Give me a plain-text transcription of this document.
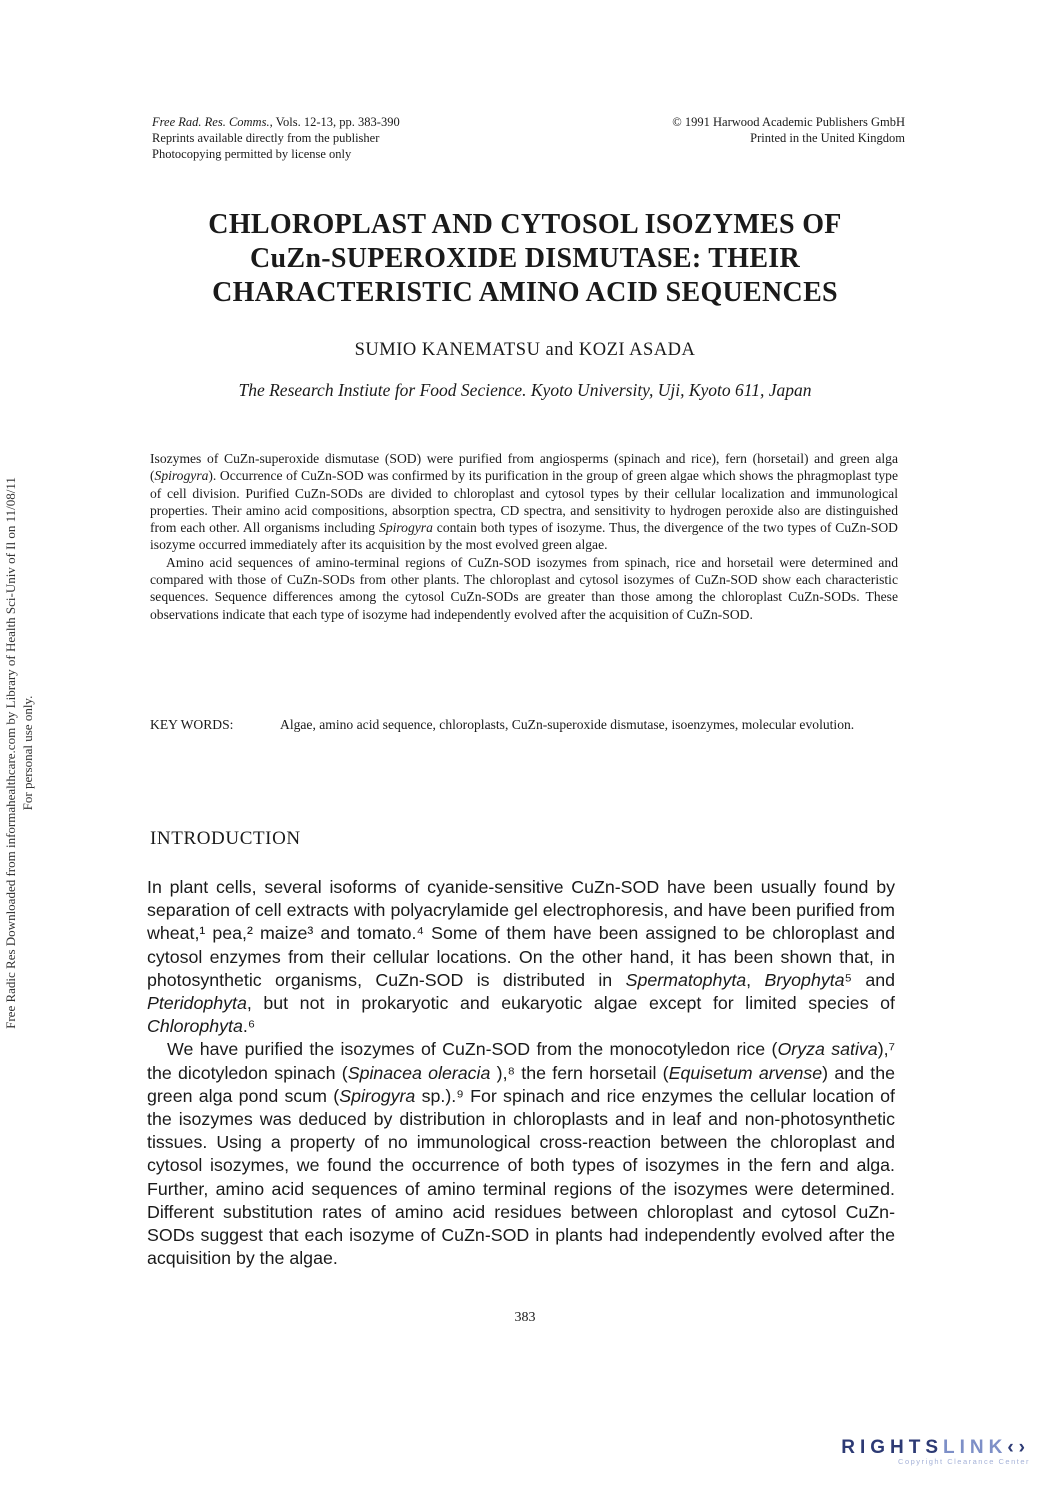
Free Rad. Res. Comms., Vols. 12-13, pp. 383-390
Reprints available directly from the publisher
Photocopying permitted by license only
© 1991 Harwood Academic Publishers GmbH
Printed in the United Kingdom
Free Radic Res Downloaded from informahealthcare.com by Library of Health Sci-Univ of Il on 11/08/11 For personal use only.
CHLOROPLAST AND CYTOSOL ISOZYMES OF
CuZn-SUPEROXIDE DISMUTASE: THEIR
CHARACTERISTIC AMINO ACID SEQUENCES
SUMIO KANEMATSU and KOZI ASADA
The Research Instiute for Food Secience. Kyoto University, Uji, Kyoto 611, Japan

Isozymes of CuZn-superoxide dismutase (SOD) were purified from angiosperms (spinach and rice), fern (horsetail) and green alga (Spirogyra). Occurrence of CuZn-SOD was confirmed by its purification in the group of green algae which shows the phragmoplast type of cell division. Purified CuZn-SODs are divided to chloroplast and cytosol types by their cellular localization and immunological properties. Their amino acid compositions, absorption spectra, CD spectra, and sensitivity to hydrogen peroxide also are distinguished from each other. All organisms including Spirogyra contain both types of isozyme. Thus, the divergence of the two types of CuZn-SOD isozyme occurred immediately after its acquisition by the most evolved green algae.

Amino acid sequences of amino-terminal regions of CuZn-SOD isozymes from spinach, rice and horsetail were determined and compared with those of CuZn-SODs from other plants. The chloroplast and cytosol isozymes of CuZn-SOD show each characteristic sequences. Sequence differences among the cytosol CuZn-SODs are greater than those among the chloroplast CuZn-SODs. These observations indicate that each type of isozyme had independently evolved after the acquisition of CuZn-SOD.

KEY WORDS:	Algae, amino acid sequence, chloroplasts, CuZn-superoxide dismutase, isoenzymes, molecular evolution.
INTRODUCTION

In plant cells, several isoforms of cyanide-sensitive CuZn-SOD have been usually found by separation of cell extracts with polyacrylamide gel electrophoresis, and have been purified from wheat,¹ pea,² maize³ and tomato.⁴ Some of them have been assigned to be chloroplast and cytosol enzymes from their cellular locations. On the other hand, it has been shown that, in photosynthetic organisms, CuZn-SOD is distributed in Spermatophyta, Bryophyta⁵ and Pteridophyta, but not in prokaryotic and eukaryotic algae except for limited species of Chlorophyta.⁶

We have purified the isozymes of CuZn-SOD from the monocotyledon rice (Oryza sativa),⁷ the dicotyledon spinach (Spinacea oleracia ),⁸ the fern horsetail (Equisetum arvense) and the green alga pond scum (Spirogyra sp.).⁹ For spinach and rice enzymes the cellular location of the isozymes was deduced by distribution in chloroplasts and in leaf and non-photosynthetic tissues. Using a property of no immunological cross-reaction between the chloroplast and cytosol isozymes, we found the occurrence of both types of isozymes in the fern and alga. Further, amino acid sequences of amino terminal regions of the isozymes were determined. Different substitution rates of amino acid residues between chloroplast and cytosol CuZn-SODs suggest that each isozyme of CuZn-SOD in plants had independently evolved after the acquisition by the algae.

383
RIGHTSLINK‹›
Copyright Clearance Center
